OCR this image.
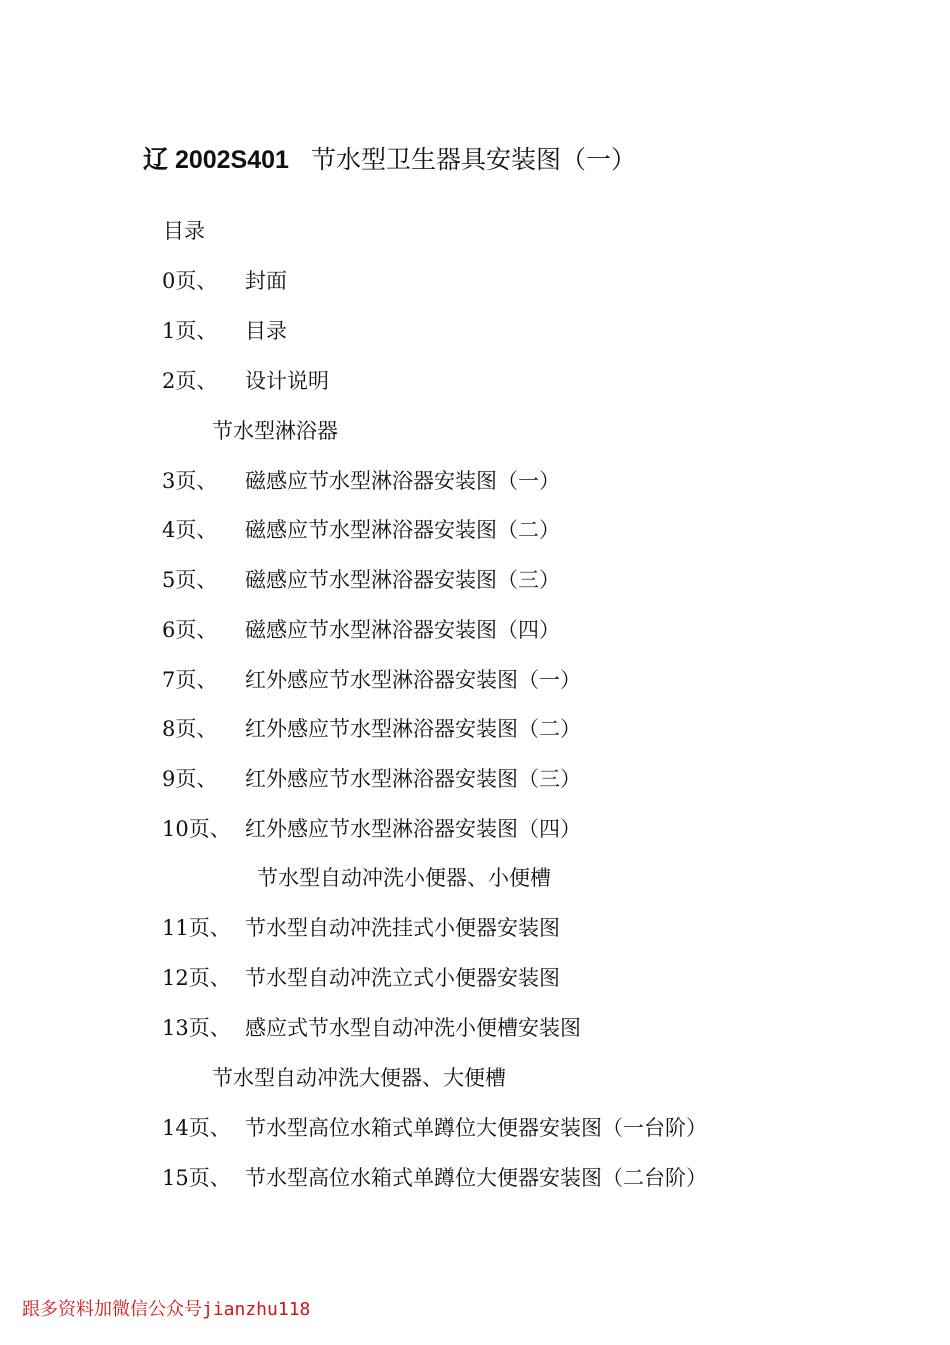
辽 2002S401 节水型卫生器具安装图（一）
目录
0页、 封面
1页、 目录
2页、 设计说明
节水型淋浴器
3页、 磁感应节水型淋浴器安装图（一）
4页、 磁感应节水型淋浴器安装图（二）
5页、 磁感应节水型淋浴器安装图（三）
6页、 磁感应节水型淋浴器安装图（四）
7页、 红外感应节水型淋浴器安装图（一）
8页、 红外感应节水型淋浴器安装图（二）
9页、 红外感应节水型淋浴器安装图（三）
10页、 红外感应节水型淋浴器安装图（四）
节水型自动冲洗小便器、小便槽
11页、 节水型自动冲洗挂式小便器安装图
12页、 节水型自动冲洗立式小便器安装图
13页、 感应式节水型自动冲洗小便槽安装图
节水型自动冲洗大便器、大便槽
14页、 节水型高位水箱式单蹲位大便器安装图（一台阶）
15页、 节水型高位水箱式单蹲位大便器安装图（二台阶）
跟多资料加微信公众号jianzhu118
